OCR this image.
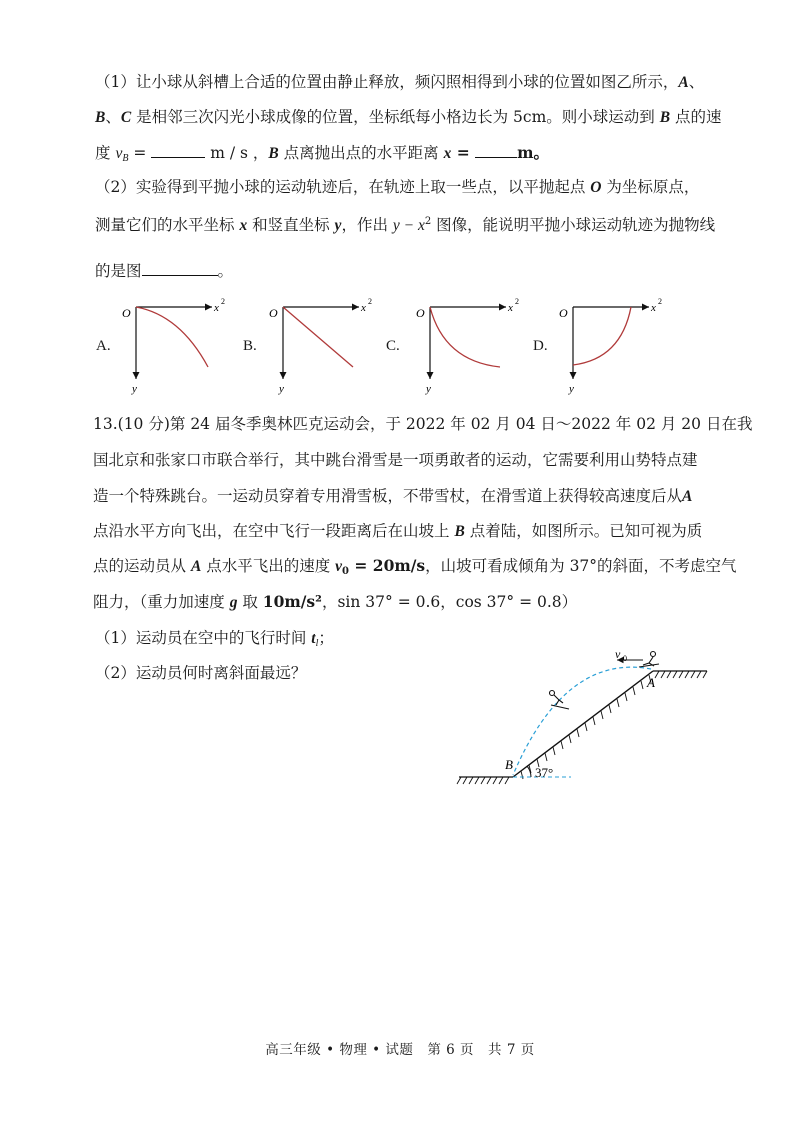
（1）让小球从斜槽上合适的位置由静止释放，频闪照相得到小球的位置如图乙所示，A、
B、C 是相邻三次闪光小球成像的位置，坐标纸每小格边长为 5cm。则小球运动到 B 点的速
度 $v_B$ =	m / s ，B 点离抛出点的水平距离 x =	m。
（2）实验得到平抛小球的运动轨迹后，在轨迹上取一些点，以平抛起点 O 为坐标原点，
测量它们的水平坐标 x 和竖直坐标 y，作出 $y - x^2$ 图像，能说明平抛小球运动轨迹为抛物线
的是图	。
A.
O	x
2
y
B.
O	x
2
y
C.
O	x
2
y
D.
O	x
2
y
13.(10 分)第 24 届冬季奥林匹克运动会，于 2022 年 02 月 04 日～2022 年 02 月 20 日在我
国北京和张家口市联合举行，其中跳台滑雪是一项勇敢者的运动，它需要利用山势特点建
造一个特殊跳台。一运动员穿着专用滑雪板，不带雪杖，在滑雪道上获得较高速度后从A
点沿水平方向飞出，在空中飞行一段距离后在山坡上 B 点着陆，如图所示。已知可视为质
点的运动员从 A 点水平飞出的速度 $v_0 = 20m/s$，山坡可看成倾角为 37°的斜面，不考虑空气
阻力，（重力加速度 g 取 10m/s²，sin 37° = 0.6，cos 37° = 0.8）
（1）运动员在空中的飞行时间 $t_l$；
（2）运动员何时离斜面最远？
v 0
A
B
37°
高三年级 • 物理 • 试题　第 6 页　共 7 页
